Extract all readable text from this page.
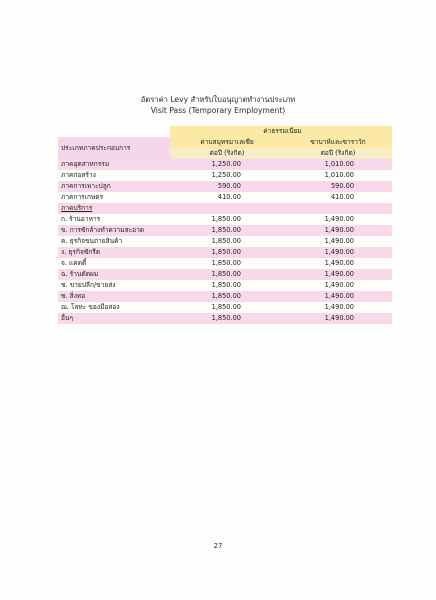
อัตราค่า Levy สำหรับใบอนุญาตทำงานประเภท
Visit Pass (Temporary Employment)
	ค่าธรรมเนียม	
ประเภทภาคประกอบการ	คาบสมุทรมาเลเซีย	ซาบาห์และซาราวัก
	ต่อปี (ริงกิต)	ต่อปี (ริงกิต)
ภาคอุตสาหกรรม	1,250.00	1,010.00
ภาคก่อสร้าง	1,250.00	1,010.00
ภาคการเพาะปลูก	590.00	590.00
ภาคการเกษตร	410.00	410.00
ภาคบริการ		
ก. ร้านอาหาร	1,850.00	1,490.00
ข. การซักล้างทำความสะอาด	1,850.00	1,490.00
ค. ธุรกิจขนถ่ายสินค้า	1,850.00	1,490.00
ง. ธุรกิจซักรีด	1,850.00	1,490.00
จ. แคดดี้	1,850.00	1,490.00
ฉ. ร้านตัดผม	1,850.00	1,490.00
ช. ขายปลีก/ขายส่ง	1,850.00	1,490.00
ซ. สิ่งทอ	1,850.00	1,490.00
ฌ. โลหะ ของมือสอง	1,850.00	1,490.00
อื่นๆ	1,850.00	1,490.00
27
